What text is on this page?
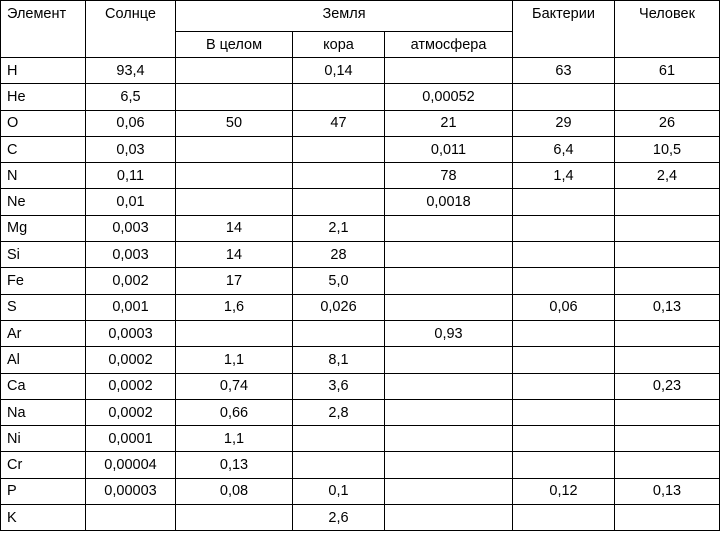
Элемент	Солнце	Земля			Бактерии	Человек
		В целом	кора	атмосфера		
H	93,4		0,14		63	61
He	6,5			0,00052		
O	0,06	50	47	21	29	26
C	0,03			0,011	6,4	10,5
N	0,11			78	1,4	2,4
Ne	0,01			0,0018		
Mg	0,003	14	2,1			
Si	0,003	14	28			
Fe	0,002	17	5,0			
S	0,001	1,6	0,026		0,06	0,13
Ar	0,0003			0,93		
Al	0,0002	1,1	8,1			
Ca	0,0002	0,74	3,6			0,23
Na	0,0002	0,66	2,8			
Ni	0,0001	1,1				
Cr	0,00004	0,13				
P	0,00003	0,08	0,1		0,12	0,13
K			2,6			
